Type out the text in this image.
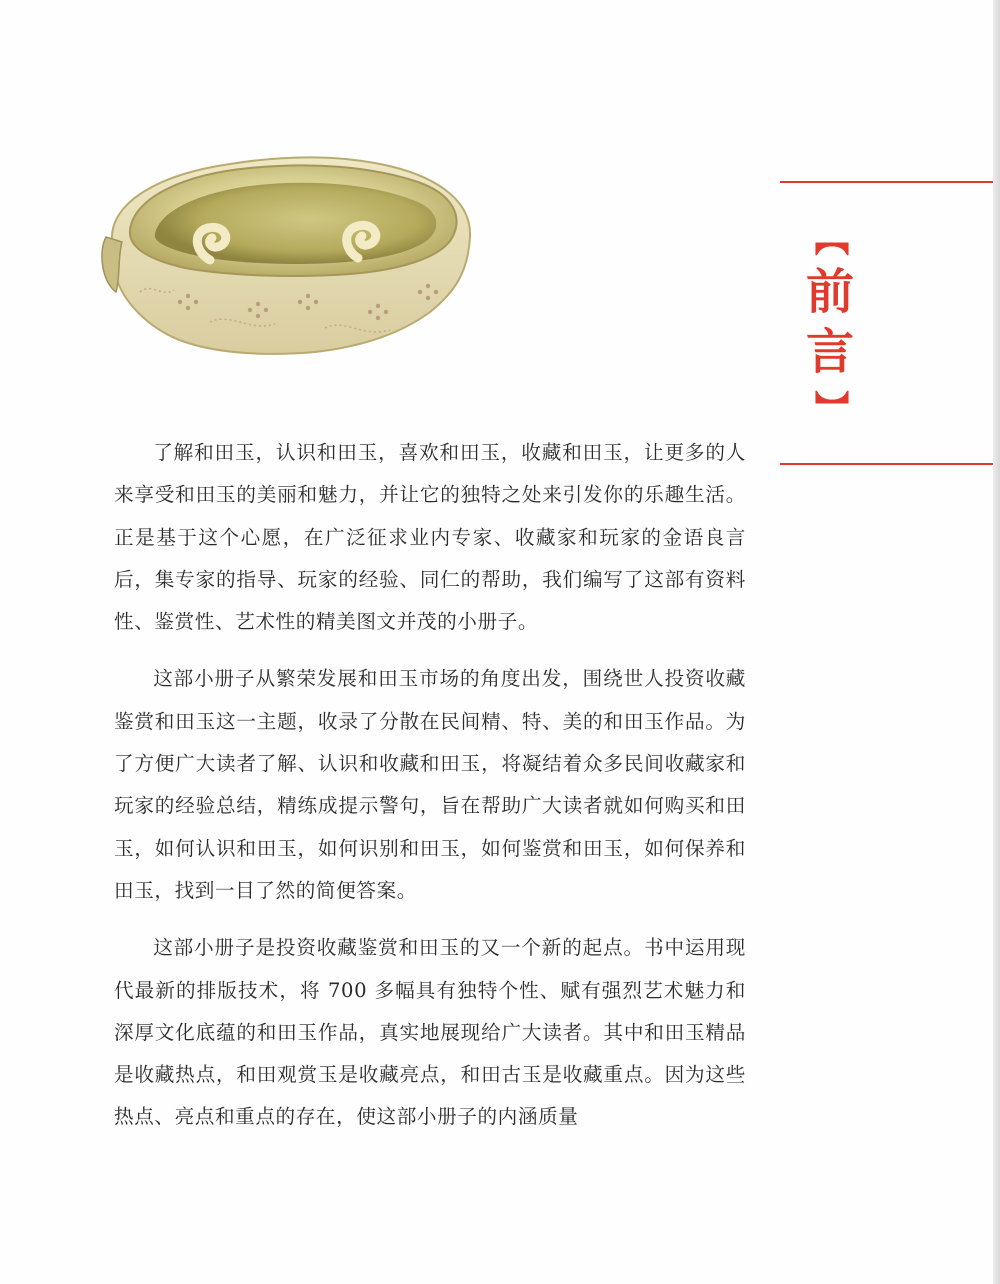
【
前
言
】

了解和田玉，认识和田玉，喜欢和田玉，收藏和田玉，让更多的人来享受和田玉的美丽和魅力，并让它的独特之处来引发你的乐趣生活。正是基于这个心愿，在广泛征求业内专家、收藏家和玩家的金语良言后，集专家的指导、玩家的经验、同仁的帮助，我们编写了这部有资料性、鉴赏性、艺术性的精美图文并茂的小册子。

这部小册子从繁荣发展和田玉市场的角度出发，围绕世人投资收藏鉴赏和田玉这一主题，收录了分散在民间精、特、美的和田玉作品。为了方便广大读者了解、认识和收藏和田玉，将凝结着众多民间收藏家和玩家的经验总结，精练成提示警句，旨在帮助广大读者就如何购买和田玉，如何认识和田玉，如何识别和田玉，如何鉴赏和田玉，如何保养和田玉，找到一目了然的简便答案。

这部小册子是投资收藏鉴赏和田玉的又一个新的起点。书中运用现代最新的排版技术，将 700 多幅具有独特个性、赋有强烈艺术魅力和深厚文化底蕴的和田玉作品，真实地展现给广大读者。其中和田玉精品是收藏热点，和田观赏玉是收藏亮点，和田古玉是收藏重点。因为这些热点、亮点和重点的存在，使这部小册子的内涵质量
